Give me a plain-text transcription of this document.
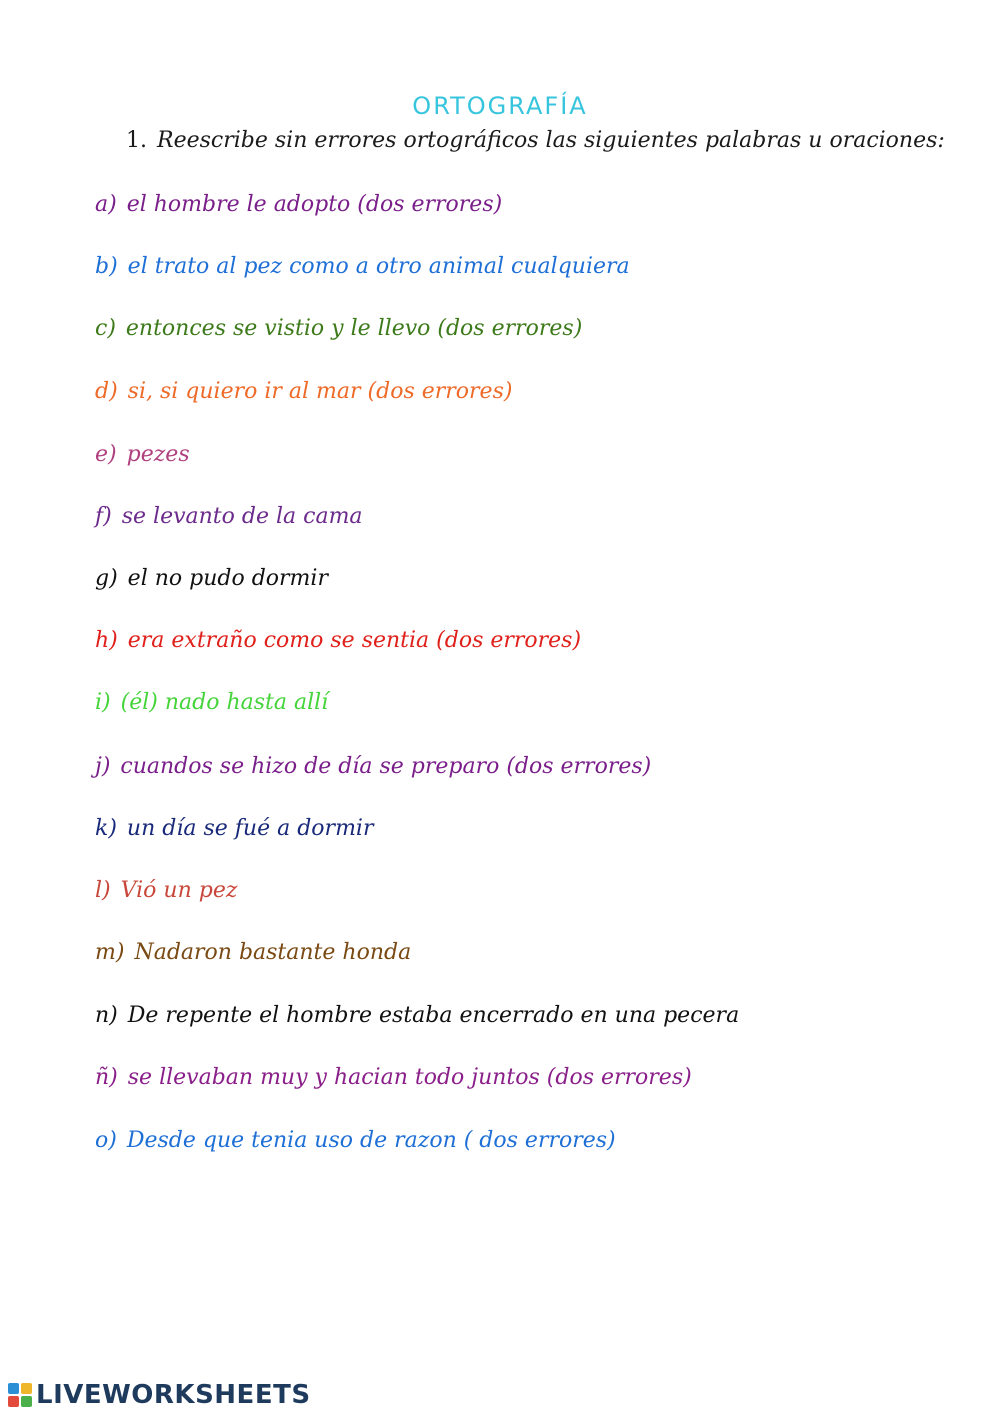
ORTOGRAFÍA
1. Reescribe sin errores ortográficos las siguientes palabras u oraciones:
a) el hombre le adopto (dos errores)
b) el trato al pez como a otro animal cualquiera
c) entonces se vistio y le llevo (dos errores)
d) si, si quiero ir al mar (dos errores)
e) pezes
f) se levanto de la cama
g) el no pudo dormir
h) era extraño como se sentia (dos errores)
i) (él) nado hasta allí
j) cuandos se hizo de día se preparo (dos errores)
k) un día se fué a dormir
l) Vió un pez
m) Nadaron bastante honda
n) De repente el hombre estaba encerrado en una pecera
ñ) se llevaban muy y hacian todo juntos (dos errores)
o) Desde que tenia uso de razon ( dos errores)
LIVEWORKSHEETS
